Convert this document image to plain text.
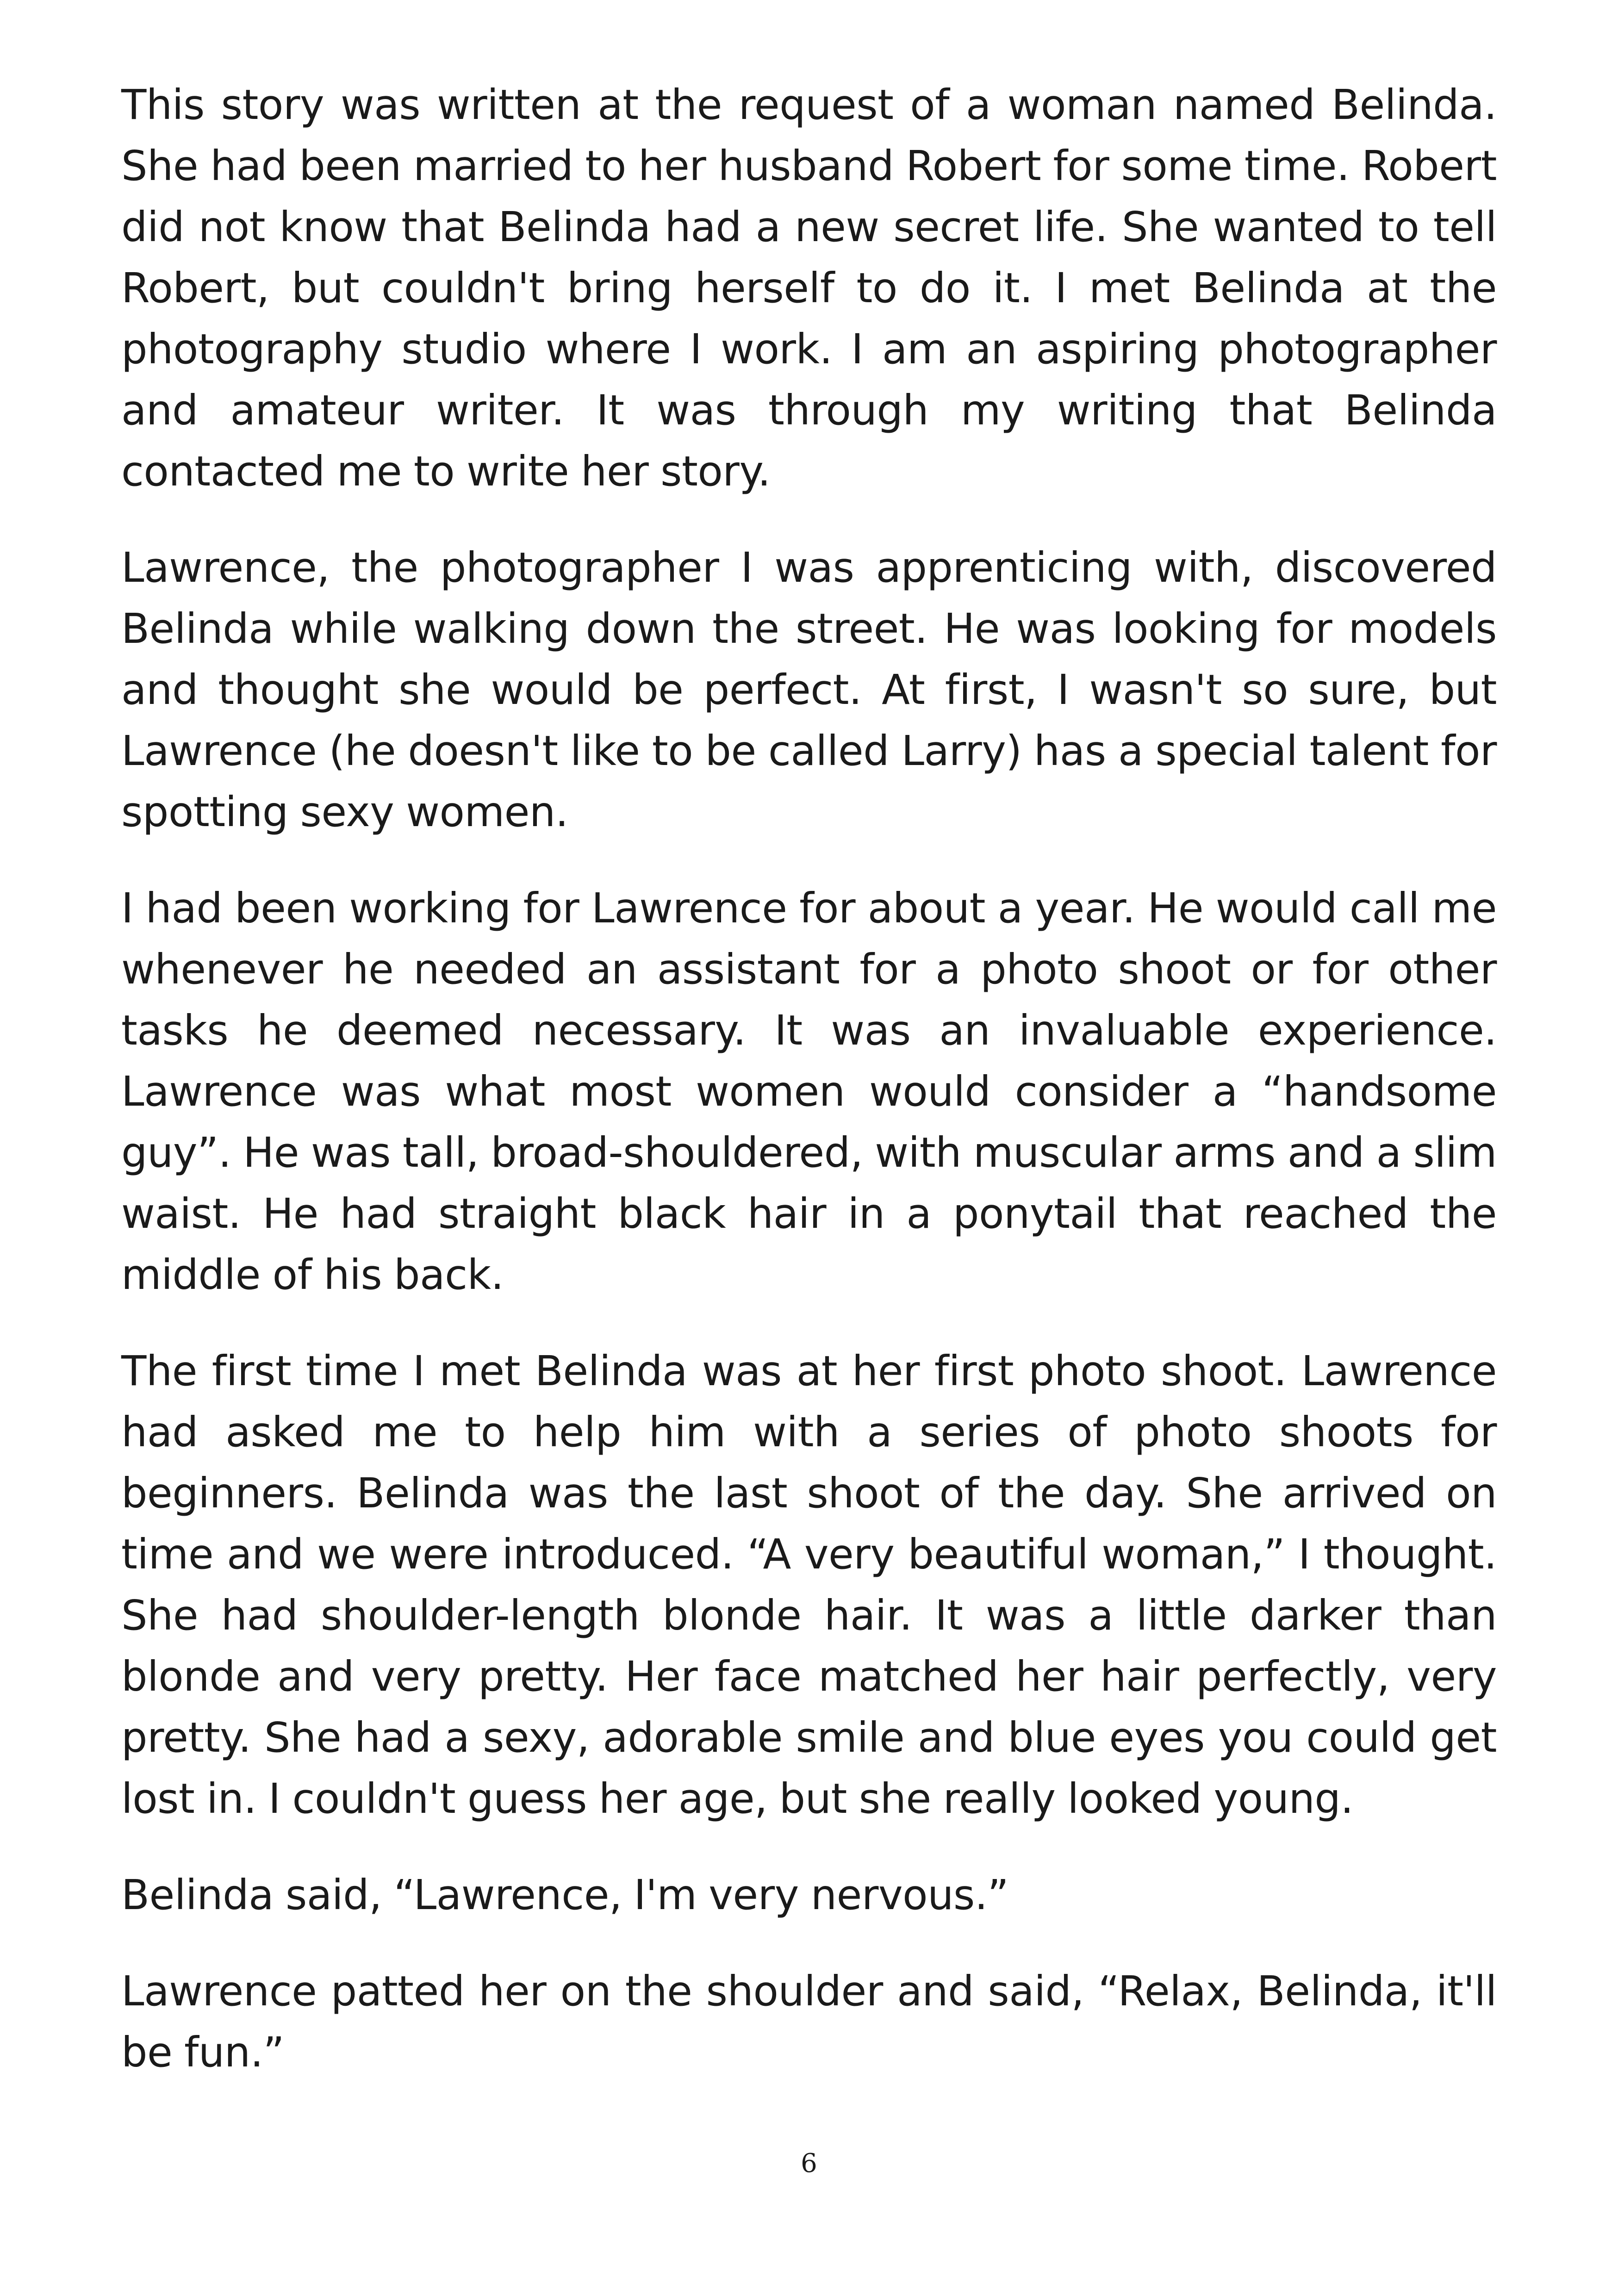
This story was written at the request of a woman named Belinda. She had been married to her husband Robert for some time. Robert did not know that Belinda had a new secret life. She wanted to tell Robert, but couldn't bring herself to do it. I met Belinda at the photography studio where I work. I am an aspiring photographer and amateur writer. It was through my writing that Belinda contacted me to write her story.

Lawrence, the photographer I was apprenticing with, discovered Belinda while walking down the street. He was looking for models and thought she would be perfect. At first, I wasn't so sure, but Lawrence (he doesn't like to be called Larry) has a special talent for spotting sexy women.

I had been working for Lawrence for about a year. He would call me whenever he needed an assistant for a photo shoot or for other tasks he deemed necessary. It was an invaluable experience. Lawrence was what most women would consider a “handsome guy”. He was tall, broad-shouldered, with muscular arms and a slim waist. He had straight black hair in a ponytail that reached the middle of his back.

The first time I met Belinda was at her first photo shoot. Lawrence had asked me to help him with a series of photo shoots for beginners. Belinda was the last shoot of the day. She arrived on time and we were introduced. “A very beautiful woman,” I thought. She had shoulder-length blonde hair. It was a little darker than blonde and very pretty. Her face matched her hair perfectly, very pretty. She had a sexy, adorable smile and blue eyes you could get lost in. I couldn't guess her age, but she really looked young.

Belinda said, “Lawrence, I'm very nervous.”

Lawrence patted her on the shoulder and said, “Relax, Belinda, it'll be fun.”

6
